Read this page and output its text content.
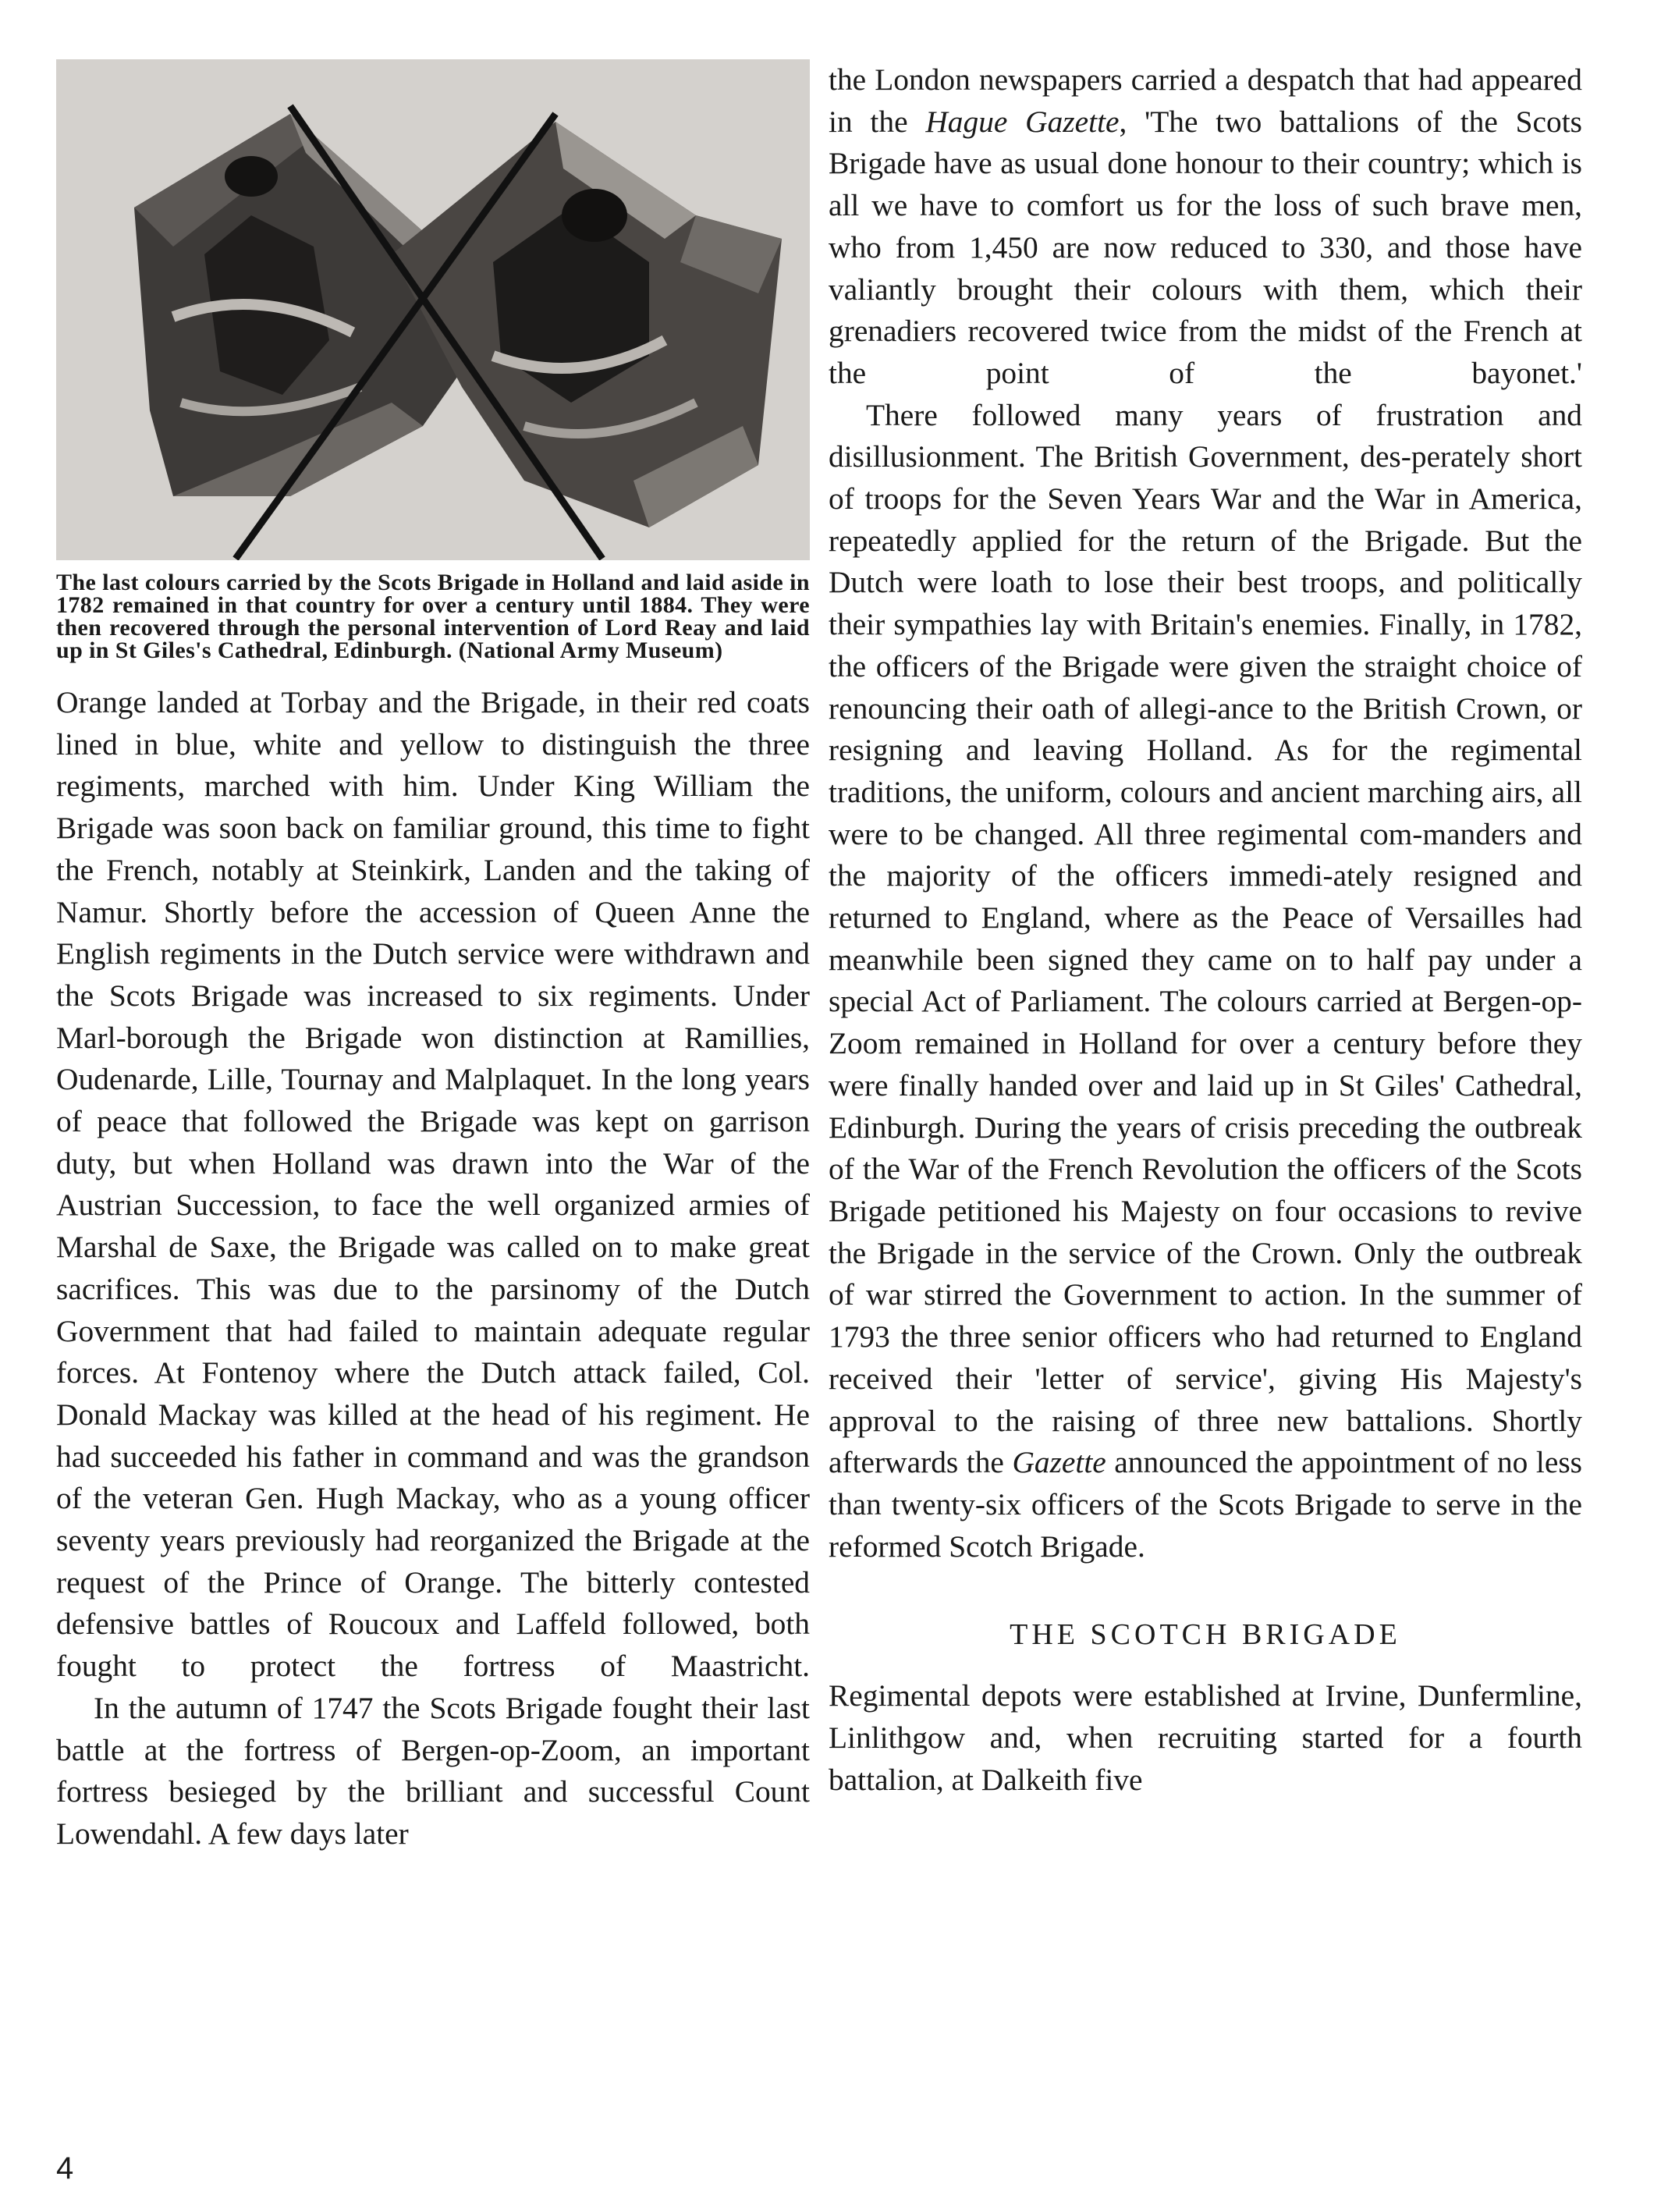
The last colours carried by the Scots Brigade in Holland and laid aside in 1782 remained in that country for over a century until 1884. They were then recovered through the personal intervention of Lord Reay and laid up in St Giles's Cathedral, Edinburgh. (National Army Museum)

Orange landed at Torbay and the Brigade, in their red coats lined in blue, white and yellow to distinguish the three regiments, marched with him. Under King William the Brigade was soon back on familiar ground, this time to fight the French, notably at Steinkirk, Landen and the taking of Namur. Shortly before the accession of Queen Anne the English regiments in the Dutch service were withdrawn and the Scots Brigade was increased to six regiments. Under Marl-borough the Brigade won distinction at Ramillies, Oudenarde, Lille, Tournay and Malplaquet. In the long years of peace that followed the Brigade was kept on garrison duty, but when Holland was drawn into the War of the Austrian Succession, to face the well organized armies of Marshal de Saxe, the Brigade was called on to make great sacrifices. This was due to the parsinomy of the Dutch Government that had failed to maintain adequate regular forces. At Fontenoy where the Dutch attack failed, Col. Donald Mackay was killed at the head of his regiment. He had succeeded his father in command and was the grandson of the veteran Gen. Hugh Mackay, who as a young officer seventy years previously had reorganized the Brigade at the request of the Prince of Orange. The bitterly contested defensive battles of Roucoux and Laffeld followed, both fought to protect the fortress of Maastricht.

In the autumn of 1747 the Scots Brigade fought their last battle at the fortress of Bergen-op-Zoom, an important fortress besieged by the brilliant and successful Count Lowendahl. A few days later

the London newspapers carried a despatch that had appeared in the Hague Gazette, 'The two battalions of the Scots Brigade have as usual done honour to their country; which is all we have to comfort us for the loss of such brave men, who from 1,450 are now reduced to 330, and those have valiantly brought their colours with them, which their grenadiers recovered twice from the midst of the French at the point of the bayonet.'

There followed many years of frustration and disillusionment. The British Government, des-perately short of troops for the Seven Years War and the War in America, repeatedly applied for the return of the Brigade. But the Dutch were loath to lose their best troops, and politically their sympathies lay with Britain's enemies. Finally, in 1782, the officers of the Brigade were given the straight choice of renouncing their oath of allegi-ance to the British Crown, or resigning and leaving Holland. As for the regimental traditions, the uniform, colours and ancient marching airs, all were to be changed. All three regimental com-manders and the majority of the officers immedi-ately resigned and returned to England, where as the Peace of Versailles had meanwhile been signed they came on to half pay under a special Act of Parliament. The colours carried at Bergen-op-Zoom remained in Holland for over a century before they were finally handed over and laid up in St Giles' Cathedral, Edinburgh. During the years of crisis preceding the outbreak of the War of the French Revolution the officers of the Scots Brigade petitioned his Majesty on four occasions to revive the Brigade in the service of the Crown. Only the outbreak of war stirred the Government to action. In the summer of 1793 the three senior officers who had returned to England received their 'letter of service', giving His Majesty's approval to the raising of three new battalions. Shortly afterwards the Gazette announced the appointment of no less than twenty-six officers of the Scots Brigade to serve in the reformed Scotch Brigade.

THE SCOTCH BRIGADE

Regimental depots were established at Irvine, Dunfermline, Linlithgow and, when recruiting started for a fourth battalion, at Dalkeith five

4
